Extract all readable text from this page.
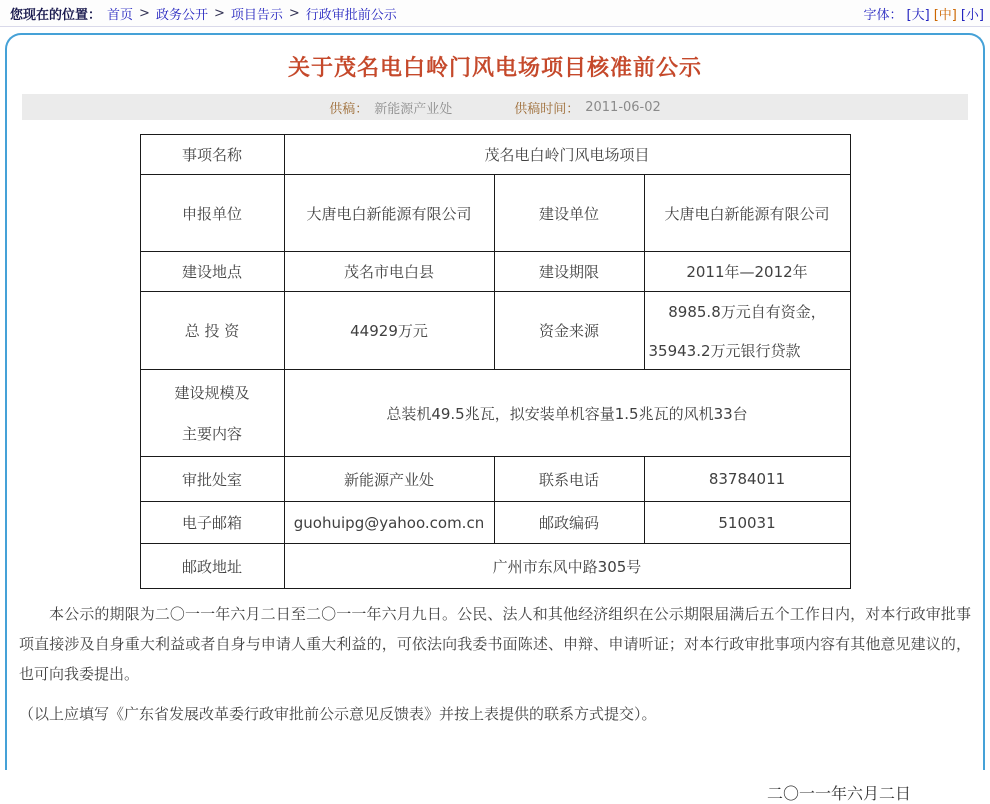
您现在的位置： 首页 > 政务公开 > 项目告示 > 行政审批前公示	字体： [大] [中] [小]
关于茂名电白岭门风电场项目核准前公示
供稿： 新能源产业处	供稿时间： 2011-06-02
事项名称	茂名电白岭门风电场项目		
申报单位	大唐电白新能源有限公司	建设单位	大唐电白新能源有限公司
建设地点	茂名市电白县	建设期限	2011年—2012年
总 投 资	44929万元	资金来源	8985.8万元自有资金，
35943.2万元银行贷款

建设规模及
主要内容	总装机49.5兆瓦，拟安装单机容量1.5兆瓦的风机33台		
审批处室	新能源产业处	联系电话	83784011
电子邮箱	guohuipg@yahoo.com.cn	邮政编码	510031
邮政地址	广州市东风中路305号		

本公示的期限为二〇一一年六月二日至二〇一一年六月九日。公民、法人和其他经济组织在公示期限届满后五个工作日内，对本行政审批事项直接涉及自身重大利益或者自身与申请人重大利益的，可依法向我委书面陈述、申辩、申请听证；对本行政审批事项内容有其他意见建议的，也可向我委提出。

（以上应填写《广东省发展改革委行政审批前公示意见反馈表》并按上表提供的联系方式提交）。

二〇一一年六月二日
